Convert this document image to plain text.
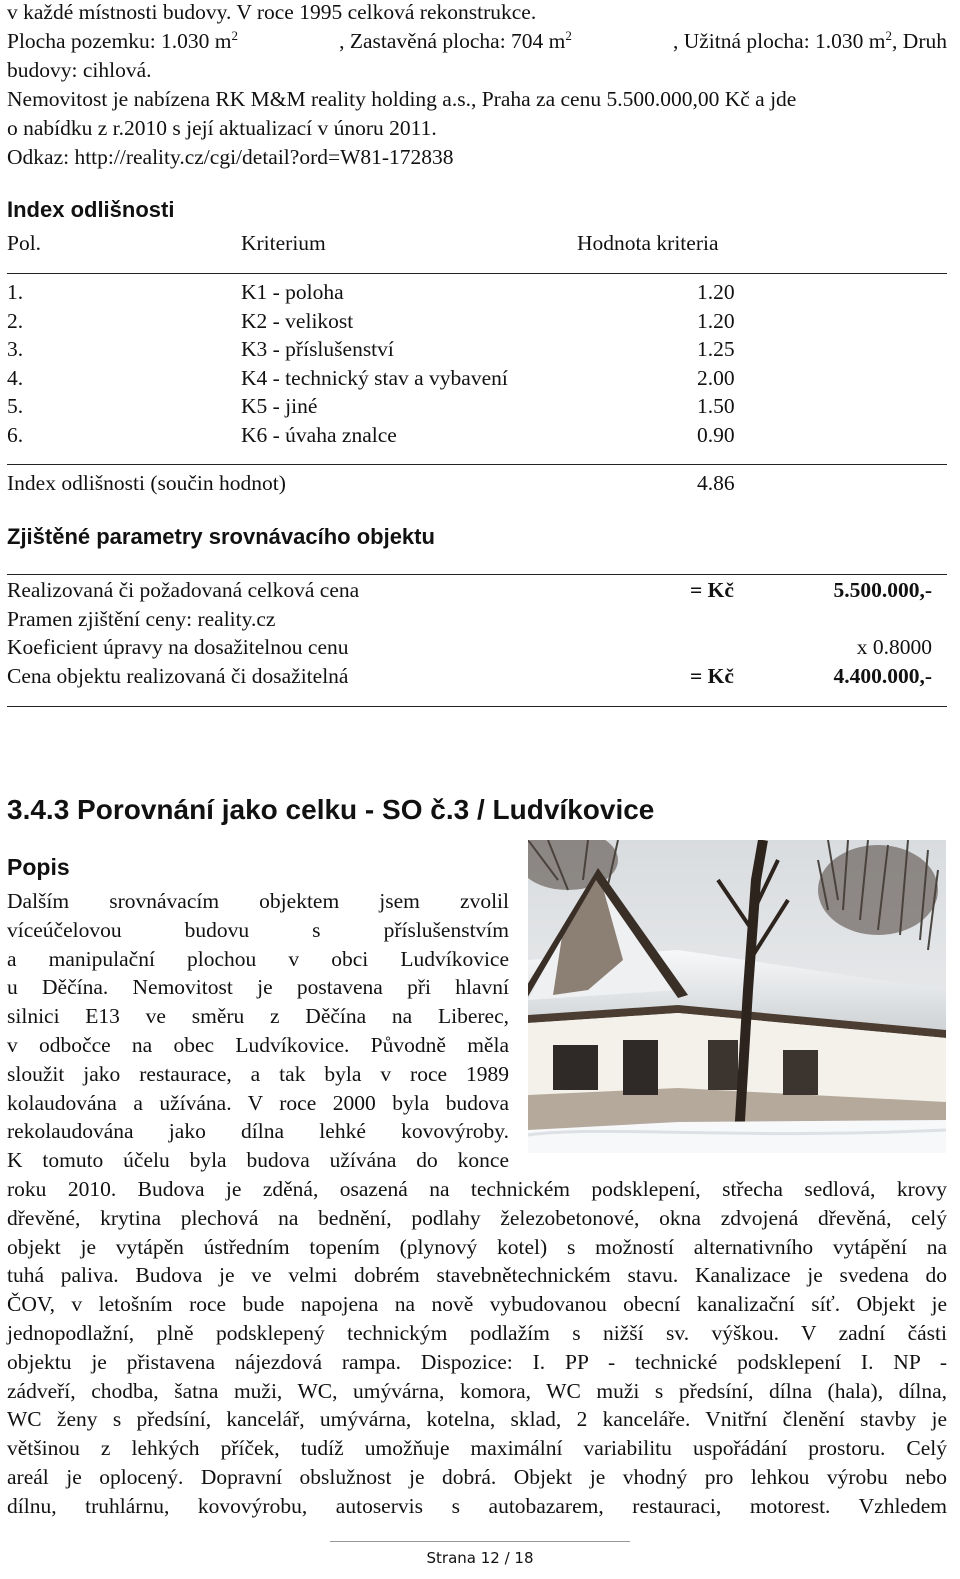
v každé místnosti budovy. V roce 1995 celková rekonstrukce.
Plocha pozemku: 1.030 $m^2$	, Zastavěná plocha: 704 $m^2$	, Užitná plocha: 1.030 $m^2$, Druh
budovy: cihlová.
Nemovitost je nabízena RK M&M reality holding a.s., Praha za cenu 5.500.000,00 Kč a jde
o nabídku z r.2010 s její aktualizací v únoru 2011.
Odkaz: http://reality.cz/cgi/detail?ord=W81-172838
Index odlišnosti
Pol.	Kriterium	Hodnota kriteria
1.	K1 - poloha	1.20
2.	K2 - velikost	1.20
3.	K3 - příslušenství	1.25
4.	K4 - technický stav a vybavení	2.00
5.	K5 - jiné	1.50
6.	K6 - úvaha znalce	0.90
Index odlišnosti (součin hodnot)	4.86
Zjištěné parametry srovnávacího objektu
Realizovaná či požadovaná celková cena	= Kč	5.500.000,-
Pramen zjištění ceny: reality.cz
Koeficient úpravy na dosažitelnou cenu	x 0.8000
Cena objektu realizovaná či dosažitelná	= Kč	4.400.000,-
3.4.3 Porovnání jako celku - SO č.3 / Ludvíkovice
Popis
Dalším srovnávacím objektem jsem zvolil
víceúčelovou budovu s příslušenstvím
a manipulační plochou v obci Ludvíkovice
u Děčína. Nemovitost je postavena při hlavní
silnici E13 ve směru z Děčína na Liberec,
v odbočce na obec Ludvíkovice. Původně měla
sloužit jako restaurace, a tak byla v roce 1989
kolaudována a užívána. V roce 2000 byla budova
rekolaudována jako dílna lehké kovovýroby.
K tomuto účelu byla budova užívána do konce
roku 2010. Budova je zděná, osazená na technickém podsklepení, střecha sedlová, krovy
dřevěné, krytina plechová na bednění, podlahy železobetonové, okna zdvojená dřevěná, celý
objekt je vytápěn ústředním topením (plynový kotel) s možností alternativního vytápění na
tuhá paliva. Budova je ve velmi dobrém stavebnětechnickém stavu. Kanalizace je svedena do
ČOV, v letošním roce bude napojena na nově vybudovanou obecní kanalizační síť. Objekt je
jednopodlažní, plně podsklepený technickým podlažím s nižší sv. výškou. V zadní části
objektu je přistavena nájezdová rampa. Dispozice: I. PP - technické podsklepení I. NP -
zádveří, chodba, šatna muži, WC, umývárna, komora, WC muži s předsíní, dílna (hala), dílna,
WC ženy s předsíní, kancelář, umývárna, kotelna, sklad, 2 kanceláře. Vnitřní členění stavby je
většinou z lehkých příček, tudíž umožňuje maximální variabilitu uspořádání prostoru. Celý
areál je oplocený. Dopravní obslužnost je dobrá. Objekt je vhodný pro lehkou výrobu nebo
dílnu, truhlárnu, kovovýrobu, autoservis s autobazarem, restauraci, motorest. Vzhledem
Strana 12 / 18
